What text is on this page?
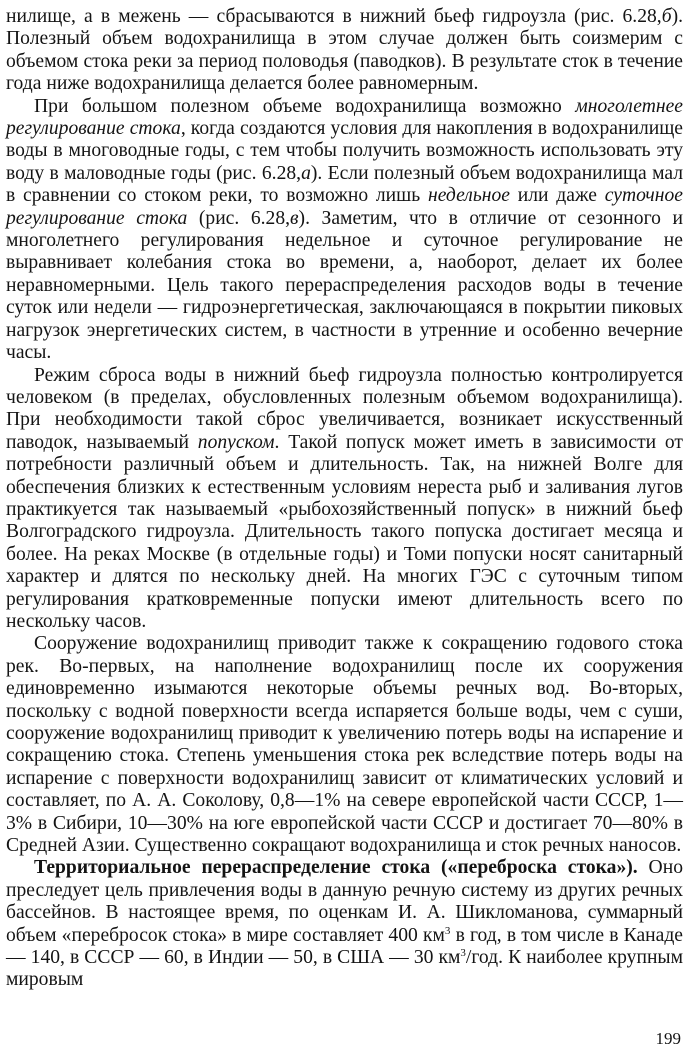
нилище, а в межень — сбрасываются в нижний бьеф гидроузла (рис. 6.28,б). Полезный объем водохранилища в этом случае должен быть соизмерим с объемом стока реки за период половодья (паводков). В результате сток в течение года ниже водохранилища делается более равномерным.

При большом полезном объеме водохранилища возможно многолетнее регулирование стока, когда создаются условия для накопления в водохранилище воды в многоводные годы, с тем чтобы получить возможность использовать эту воду в маловодные годы (рис. 6.28,а). Если полезный объем водохранилища мал в сравнении со стоком реки, то возможно лишь недельное или даже суточное регулирование стока (рис. 6.28,в). Заметим, что в отличие от сезонного и многолетнего регулирования недельное и суточное регулирование не выравнивает колебания стока во времени, а, наоборот, делает их более неравномерными. Цель такого перераспределения расходов воды в течение суток или недели — гидроэнергетическая, заключающаяся в покрытии пиковых нагрузок энергетических систем, в частности в утренние и особенно вечерние часы.

Режим сброса воды в нижний бьеф гидроузла полностью контролируется человеком (в пределах, обусловленных полезным объемом водохранилища). При необходимости такой сброс увеличивается, возникает искусственный паводок, называемый попуском. Такой попуск может иметь в зависимости от потребности различный объем и длительность. Так, на нижней Волге для обеспечения близких к естественным условиям нереста рыб и заливания лугов практикуется так называемый «рыбохозяйственный попуск» в нижний бьеф Волгоградского гидроузла. Длительность такого попуска достигает месяца и более. На реках Москве (в отдельные годы) и Томи попуски носят санитарный характер и длятся по нескольку дней. На многих ГЭС с суточным типом регулирования кратковременные попуски имеют длительность всего по нескольку часов.

Сооружение водохранилищ приводит также к сокращению годового стока рек. Во-первых, на наполнение водохранилищ после их сооружения единовременно изымаются некоторые объемы речных вод. Во-вторых, поскольку с водной поверхности всегда испаряется больше воды, чем с суши, сооружение водохранилищ приводит к увеличению потерь воды на испарение и сокращению стока. Степень уменьшения стока рек вследствие потерь воды на испарение с поверхности водохранилищ зависит от климатических условий и составляет, по А. А. Соколову, 0,8—1% на севере европейской части СССР, 1—3% в Сибири, 10—30% на юге европейской части СССР и достигает 70—80% в Средней Азии. Существенно сокращают водохранилища и сток речных наносов.

Территориальное перераспределение стока («переброска стока»). Оно преследует цель привлечения воды в данную речную систему из других речных бассейнов. В настоящее время, по оценкам И. А. Шикломанова, суммарный объем «перебросок стока» в мире составляет 400 $км^3$ в год, в том числе в Канаде — 140, в СССР — 60, в Индии — 50, в США — 30 $км^3$/год. К наиболее крупным мировым

199
